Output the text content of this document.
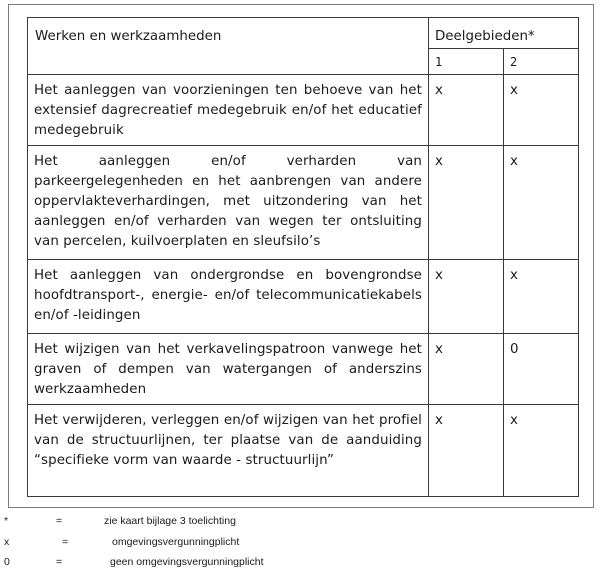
Werken en werkzaamheden	Deelgebieden*	
	1	2
Het aanleggen van voorzieningen ten behoeve van het extensief dagrecreatief medegebruik en/of het educatief medegebruik	x	x
Het aanleggen en/of verharden van parkeergelegenheden en het aanbrengen van andere oppervlakteverhardingen, met uitzondering van het aanleggen en/of verharden van wegen ter ontsluiting van percelen, kuilvoerplaten en sleufsilo’s	x	x
Het aanleggen van ondergrondse en bovengrondse hoofdtransport-, energie- en/of telecommunicatiekabels en/of -leidingen	x	x
Het wijzigen van het verkavelingspatroon vanwege het graven of dempen van watergangen of anderszins werkzaamheden	x	0
Het verwijderen, verleggen en/of wijzigen van het profiel van de structuurlijnen, ter plaatse van de aanduiding “specifieke vorm van waarde - structuurlijn”	x	x
*	=	zie kaart bijlage 3 toelichting
x	=	omgevingsvergunningplicht
0	=	geen omgevingsvergunningplicht
